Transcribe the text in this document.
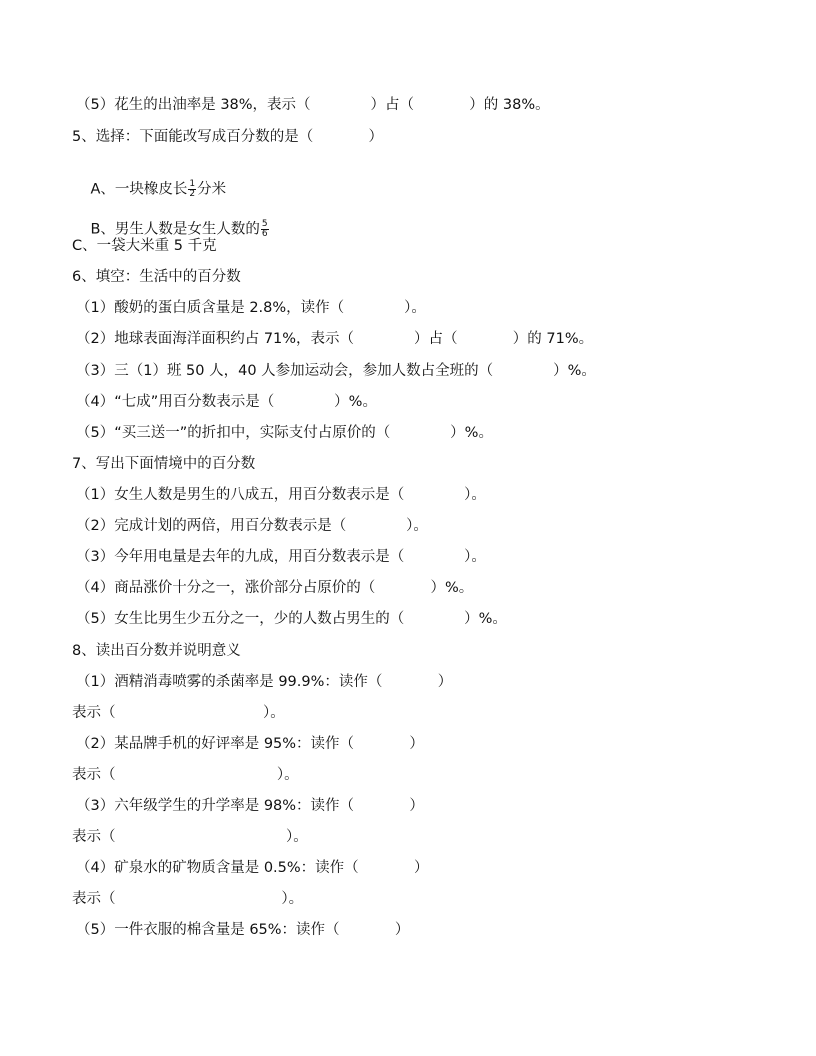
（5）花生的出油率是 38%，表示（             ）占（            ）的 38%。
5、选择：下面能改写成百分数的是（            ）

A、一块橡皮长 $\frac{1}{2}$ 分米

B、男生人数是女生人数的 $\frac{5}{6}$

C、一袋大米重 5 千克
6、填空：生活中的百分数
（1）酸奶的蛋白质含量是 2.8%，读作（             ）。
（2）地球表面海洋面积约占 71%，表示（             ）占（            ）的 71%。
（3）三（1）班 50 人，40 人参加运动会，参加人数占全班的（             ）%。
（4）“七成”用百分数表示是（             ）%。
（5）“买三送一”的折扣中，实际支付占原价的（             ）%。
7、写出下面情境中的百分数
（1）女生人数是男生的八成五，用百分数表示是（             ）。
（2）完成计划的两倍，用百分数表示是（             ）。
（3）今年用电量是去年的九成，用百分数表示是（             ）。
（4）商品涨价十分之一，涨价部分占原价的（            ）%。
（5）女生比男生少五分之一，少的人数占男生的（             ）%。
8、读出百分数并说明意义
（1）酒精消毒喷雾的杀菌率是 99.9%：读作（            ）
表示（                                ）。
（2）某品牌手机的好评率是 95%：读作（            ）
表示（                                   ）。
（3）六年级学生的升学率是 98%：读作（            ）
表示（                                     ）。
（4）矿泉水的矿物质含量是 0.5%：读作（            ）
表示（                                    ）。
（5）一件衣服的棉含量是 65%：读作（            ）
